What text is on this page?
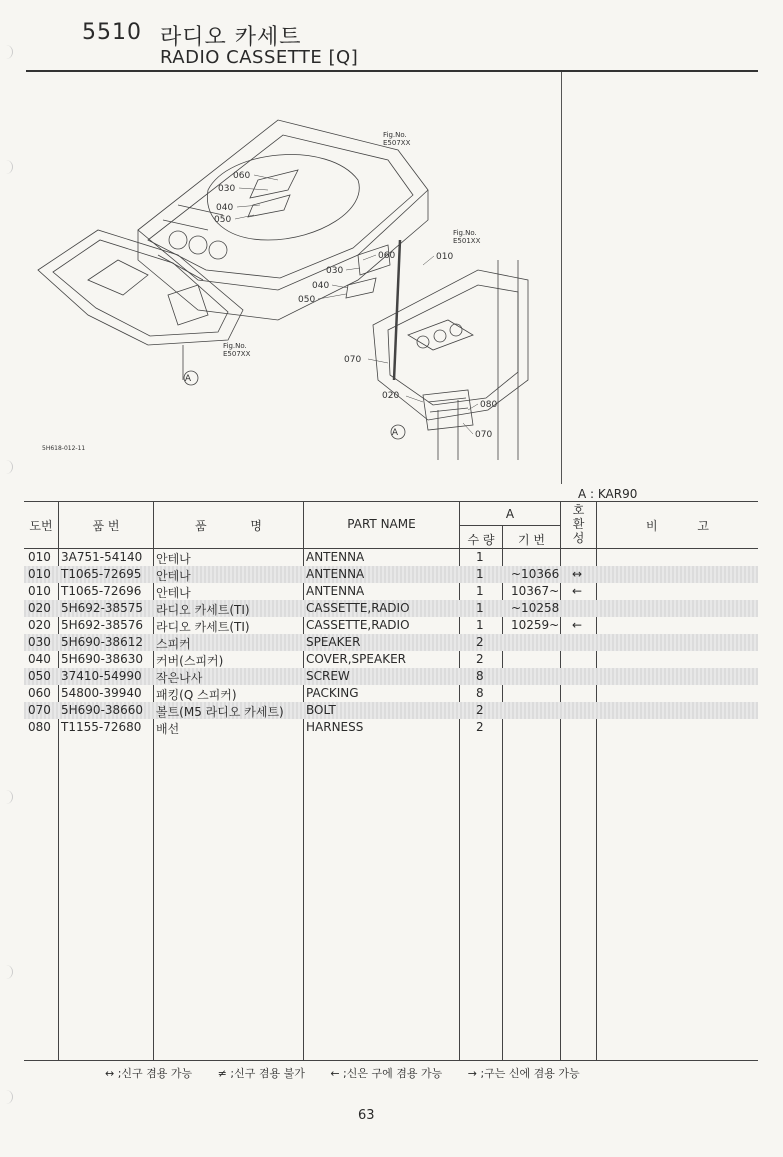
5510 라디오 카세트
RADIO CASSETTE [Q]
Fig.No. E507XX
Fig.No. E501XX
Fig.No. E507XX
060
030
040
050
060	010
030
040
050
070
020
080
070
A
A
5H618-012-11
A : KAR90
도번	품 번	품 명	PART NAME
A
수 량	기 번
호
환
성
비 고
010 3A751-54140 안테나	ANTENNA	1
010 T1065-72695 안테나	ANTENNA	1 ~10366 ↔
010 T1065-72696 안테나	ANTENNA	1 10367~ ←
020 5H692-38575 라디오 카세트(TI)	CASSETTE,RADIO	1 ~10258
020 5H692-38576 라디오 카세트(TI)	CASSETTE,RADIO	1 10259~ ←
030 5H690-38612 스피커	SPEAKER	2
040 5H690-38630 커버(스피커)	COVER,SPEAKER	2
050 37410-54990 작은나사	SCREW	8
060 54800-39940 패킹(Q 스피커)	PACKING	8
070 5H690-38660 볼트(M5 라디오 카세트) BOLT	2
080 T1155-72680 배선	HARNESS	2
↔ ;신구 겸용 가능 ≠ ;신구 겸용 불가 ← ;신은 구에 겸용 가능 → ;구는 신에 겸용 가능
63
